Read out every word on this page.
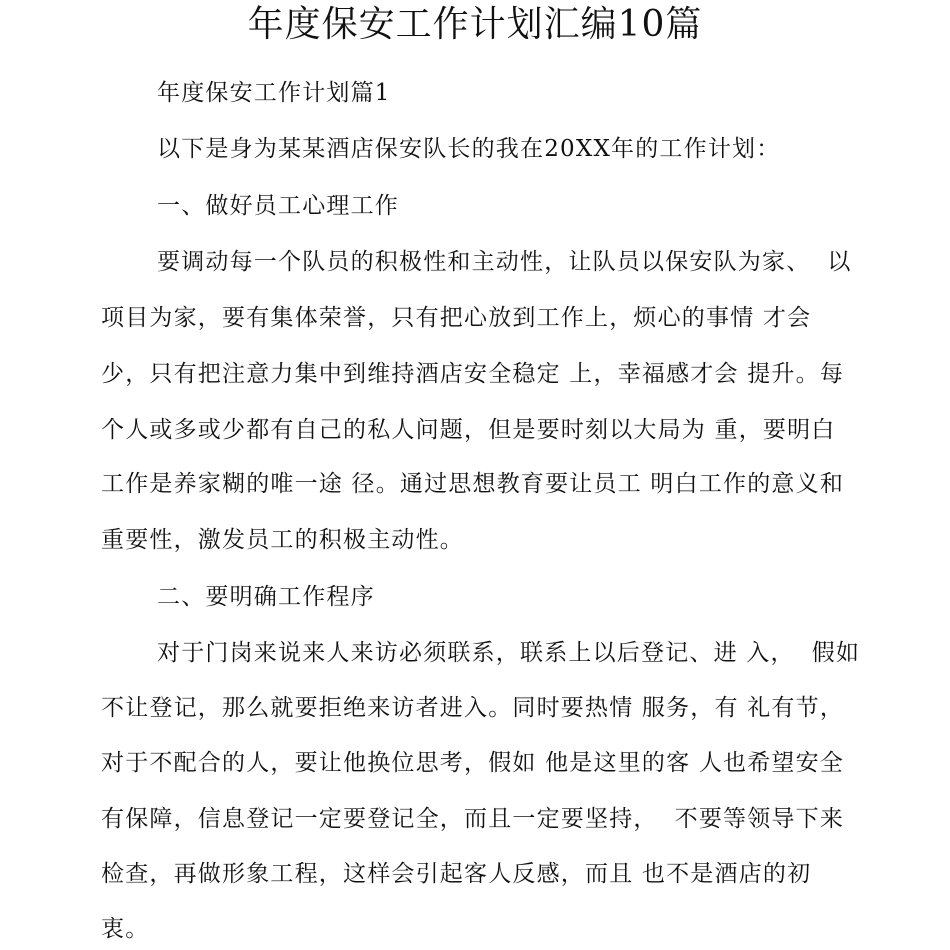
年度保安工作计划汇编10篇

年度保安工作计划篇1

以下是身为某某酒店保安队长的我在20XX年的工作计划：

一、做好员工心理工作

要调动每一个队员的积极性和主动性，让队员以保安队为家、  以

项目为家，要有集体荣誉，只有把心放到工作上，烦心的事情 才会

少，只有把注意力集中到维持酒店安全稳定 上，幸福感才会 提升。每

个人或多或少都有自己的私人问题，但是要时刻以大局为 重，要明白

工作是养家糊的唯一途 径。通过思想教育要让员工 明白工作的意义和

重要性，激发员工的积极主动性。

二、要明确工作程序

对于门岗来说来人来访必须联系，联系上以后登记、进 入，  假如

不让登记，那么就要拒绝来访者进入。同时要热情 服务，有 礼有节，

对于不配合的人，要让他换位思考，假如 他是这里的客 人也希望安全

有保障，信息登记一定要登记全，而且一定要坚持，  不要等领导下来

检查，再做形象工程，这样会引起客人反感，而且 也不是酒店的初

衷。
